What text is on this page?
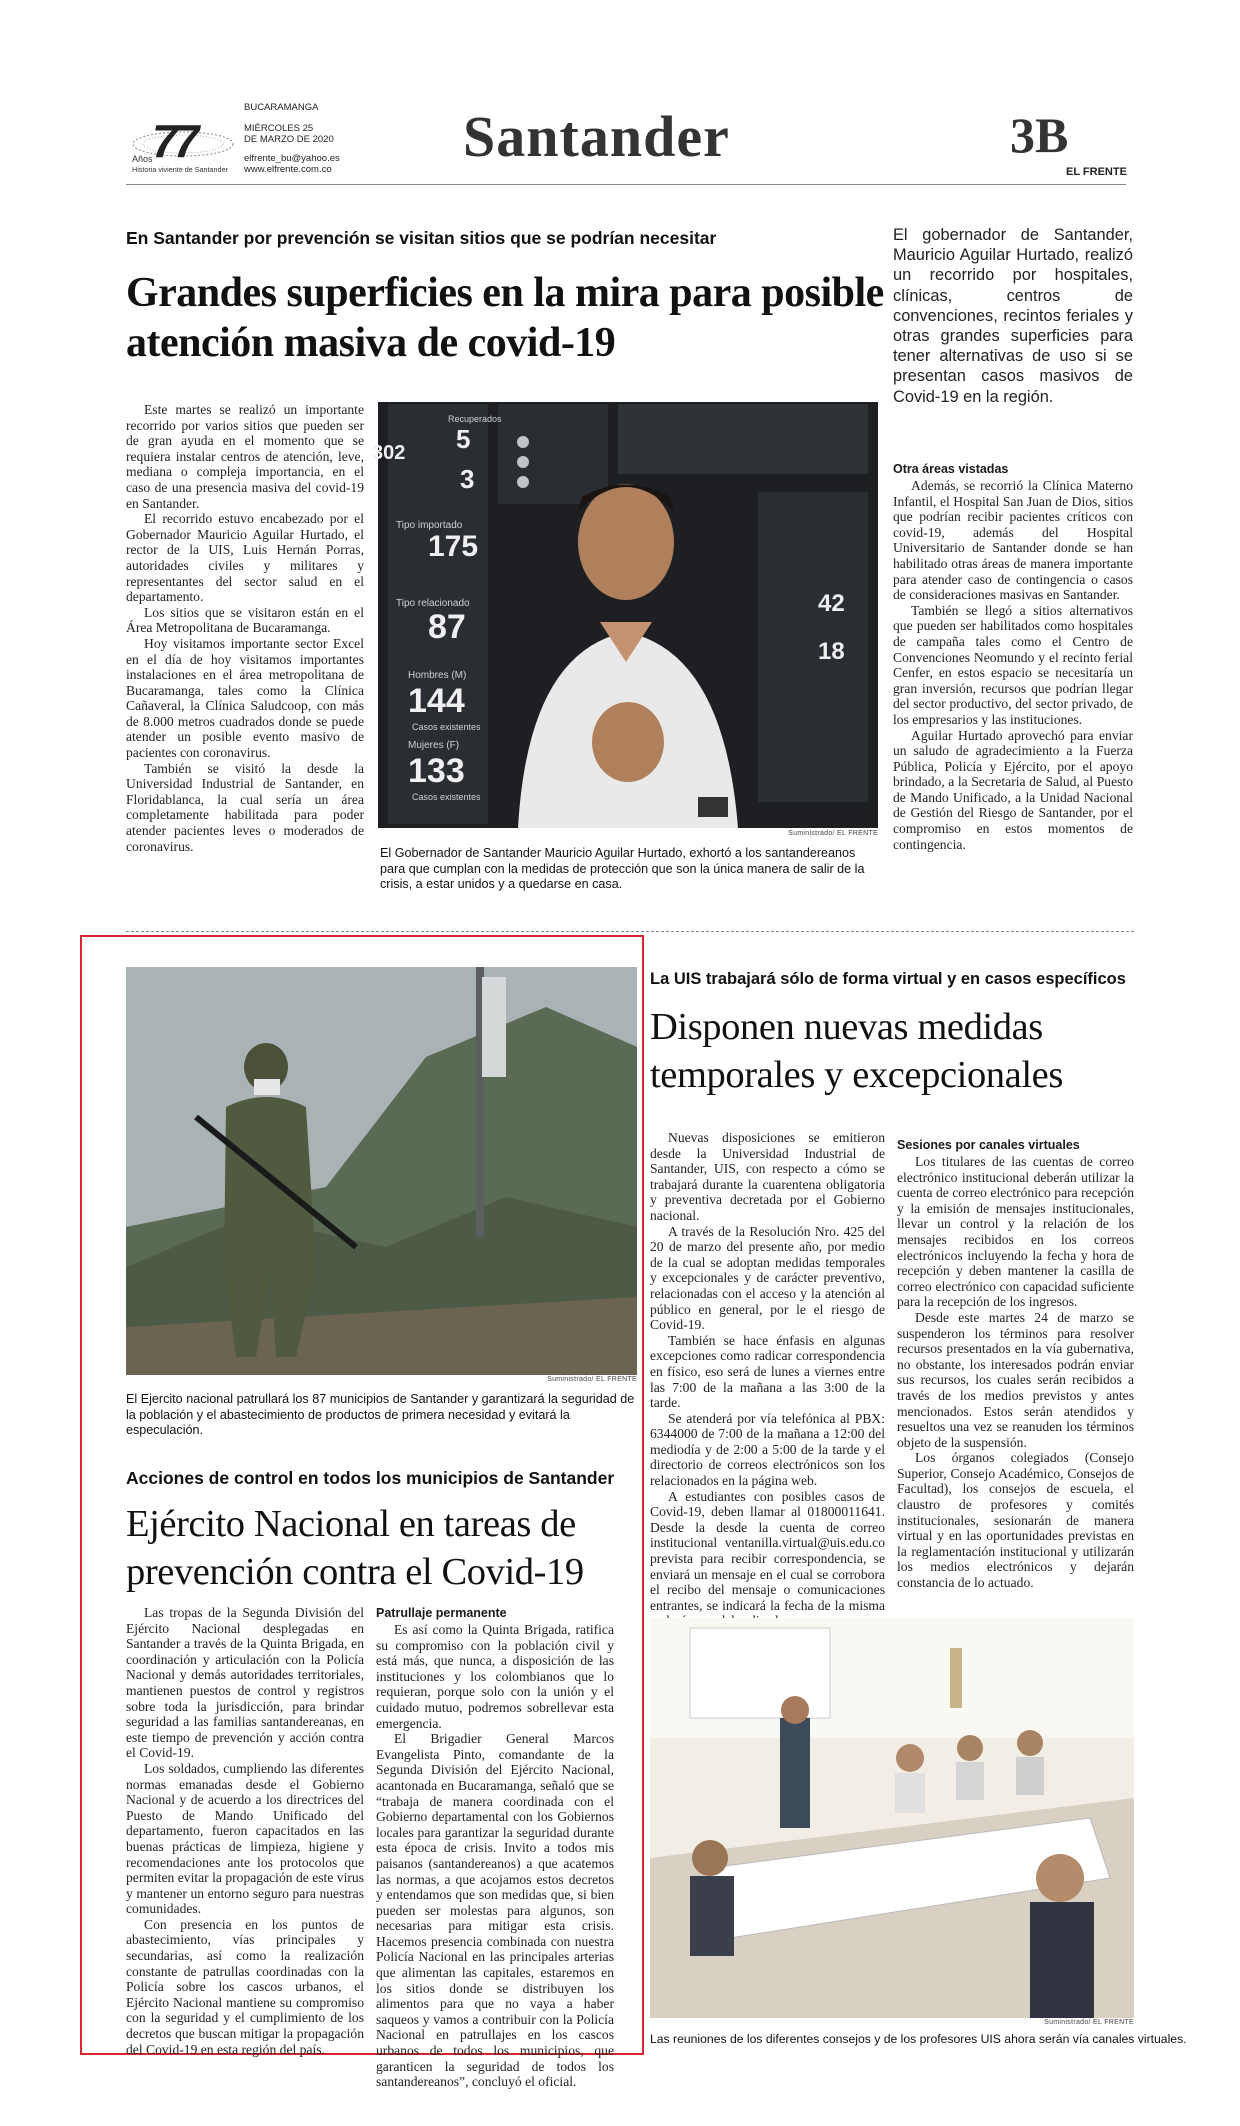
77
Años
Historia viviente de Santander
BUCARAMANGA
MIÉRCOLES 25
DE MARZO DE 2020
elfrente_bu@yahoo.es
www.elfrente.com.co
Santander	3B
EL FRENTE
En Santander por prevención se visitan sitios que se podrían necesitar
Grandes superficies en la mira para posible atención masiva de covid-19
El gobernador de Santander, Mauricio Aguilar Hurtado, realizó un recorrido por hospitales, clínicas, centros de convenciones, recintos feriales y otras grandes superficies para tener alternativas de uso si se presentan casos masivos de Covid-19 en la región.

Este martes se realizó un importante recorrido por varios sitios que pueden ser de gran ayuda en el momento que se requiera instalar centros de atención, leve, mediana o compleja importancia, en el caso de una presencia masiva del covid-19 en Santander.

El recorrido estuvo encabezado por el Gobernador Mauricio Aguilar Hurtado, el rector de la UIS, Luis Hernán Porras, autoridades civiles y militares y representantes del sector salud en el departamento.

Los sitios que se visitaron están en el Área Metropolitana de Bucaramanga.

Hoy visitamos importante sector Excel en el día de hoy visitamos importantes instalaciones en el área metropolitana de Bucaramanga, tales como la Clínica Cañaveral, la Clínica Saludcoop, con más de 8.000 metros cuadrados donde se puede atender un posible evento masivo de pacientes con coronavirus.

También se visitó la desde la Universidad Industrial de Santander, en Floridablanca, la cual sería un área completamente habilitada para poder atender pacientes leves o moderados de coronavirus.

Recuperados
5
302
3
Tipo importado
175
Tipo relacionado
87
Hombres (M)
144
Casos existentes
Mujeres (F)
133
Casos existentes
42
18
Suministrado/ EL FRENTE
El Gobernador de Santander Mauricio Aguilar Hurtado, exhortó a los santandereanos para que cumplan con la medidas de protección que son la única manera de salir de la crisis, a estar unidos y a quedarse en casa.
Otra áreas vistadas

Además, se recorrió la Clínica Materno Infantil, el Hospital San Juan de Dios, sitios que podrían recibir pacientes críticos con covid-19, además del Hospital Universitario de Santander donde se han habilitado otras áreas de manera importante para atender caso de contingencia o casos de consideraciones masivas en Santander.

También se llegó a sitios alternativos que pueden ser habilitados como hospitales de campaña tales como el Centro de Convenciones Neomundo y el recinto ferial Cenfer, en estos espacio se necesitaría un gran inversión, recursos que podrían llegar del sector productivo, del sector privado, de los empresarios y las instituciones.

Aguilar Hurtado aprovechó para enviar un saludo de agradecimiento a la Fuerza Pública, Policía y Ejército, por el apoyo brindado, a la Secretaria de Salud, al Puesto de Mando Unificado, a la Unidad Nacional de Gestión del Riesgo de Santander, por el compromiso en estos momentos de contingencia.

Suministrado/ EL FRENTE
El Ejercito nacional patrullará los 87 municipios de Santander y garantizará la seguridad de la población y el abastecimiento de productos de primera necesidad y evitará la especulación.
Acciones de control en todos los municipios de Santander
Ejército Nacional en tareas de prevención contra el Covid-19

Las tropas de la Segunda División del Ejército Nacional desplegadas en Santander a través de la Quinta Brigada, en coordinación y articulación con la Policía Nacional y demás autoridades territoriales, mantienen puestos de control y registros sobre toda la jurisdicción, para brindar seguridad a las familias santandereanas, en este tiempo de prevención y acción contra el Covid-19.

Los soldados, cumpliendo las diferentes normas emanadas desde el Gobierno Nacional y de acuerdo a los directrices del Puesto de Mando Unificado del departamento, fueron capacitados en las buenas prácticas de limpieza, higiene y recomendaciones ante los protocolos que permiten evitar la propagación de este virus y mantener un entorno seguro para nuestras comunidades.

Con presencia en los puntos de abastecimiento, vías principales y secundarias, así como la realización constante de patrullas coordinadas con la Policía sobre los cascos urbanos, el Ejército Nacional mantiene su compromiso con la seguridad y el cumplimiento de los decretos que buscan mitigar la propagación del Covid-19 en esta región del país.

Patrullaje permanente

Es así como la Quinta Brigada, ratifica su compromiso con la población civil y está más, que nunca, a disposición de las instituciones y los colombianos que lo requieran, porque solo con la unión y el cuidado mutuo, podremos sobrellevar esta emergencia.

El Brigadier General Marcos Evangelista Pinto, comandante de la Segunda División del Ejército Nacional, acantonada en Bucaramanga, señaló que se “trabaja de manera coordinada con el Gobierno departamental con los Gobiernos locales para garantizar la seguridad durante esta época de crisis. Invito a todos mis paisanos (santandereanos) a que acatemos las normas, a que acojamos estos decretos y entendamos que son medidas que, si bien pueden ser molestas para algunos, son necesarias para mitigar esta crisis. Hacemos presencia combinada con nuestra Policía Nacional en las principales arterias que alimentan las capitales, estaremos en los sitios donde se distribuyen los alimentos para que no vaya a haber saqueos y vamos a contribuir con la Policía Nacional en patrullajes en los cascos urbanos de todos los municipios, que garanticen la seguridad de todos los santandereanos”, concluyó el oficial.

La UIS trabajará sólo de forma virtual y en casos específicos
Disponen nuevas medidas temporales y excepcionales

Nuevas disposiciones se emitieron desde la Universidad Industrial de Santander, UIS, con respecto a cómo se trabajará durante la cuarentena obligatoria y preventiva decretada por el Gobierno nacional.

A través de la Resolución Nro. 425 del 20 de marzo del presente año, por medio de la cual se adoptan medidas temporales y excepcionales y de carácter preventivo, relacionadas con el acceso y la atención al público en general, por le el riesgo de Covid-19.

También se hace énfasis en algunas excepciones como radicar correspondencia en físico, eso será de lunes a viernes entre las 7:00 de la mañana a las 3:00 de la tarde.

Se atenderá por vía telefónica al PBX: 6344000 de 7:00 de la mañana a 12:00 del mediodía y de 2:00 a 5:00 de la tarde y el directorio de correos electrónicos son los relacionados en la página web.

A estudiantes con posibles casos de Covid-19, deben llamar al 01800011641. Desde la desde la cuenta de correo institucional ventanilla.virtual@uis.edu.co prevista para recibir correspondencia, se enviará un mensaje en el cual se corrobora el recibo del mensaje o comunicaciones entrantes, se indicará la fecha de la misma

Sesiones por canales virtuales

Los titulares de las cuentas de correo electrónico institucional deberán utilizar la cuenta de correo electrónico para recepción y la emisión de mensajes institucionales, llevar un control y la relación de los mensajes recibidos en los correos electrónicos incluyendo la fecha y hora de recepción y deben mantener la casilla de correo electrónico con capacidad suficiente para la recepción de los ingresos.

Desde este martes 24 de marzo se suspenderon los términos para resolver recursos presentados en la vía gubernativa, no obstante, los interesados podrán enviar sus recursos, los cuales serán recibidos a través de los medios previstos y antes mencionados. Estos serán atendidos y resueltos una vez se reanuden los términos objeto de la suspensión.

Los órganos colegiados (Consejo Superior, Consejo Académico, Consejos de Facultad), los consejos de escuela, el claustro de profesores y comités institucionales, sesionarán de manera virtual y en las oportunidades previstas en la reglamentación institucional y utilizarán los medios electrónicos y dejarán constancia de lo actuado.

Suministrado/ EL FRENTE
Las reuniones de los diferentes consejos y de los profesores UIS ahora serán vía canales virtuales.
